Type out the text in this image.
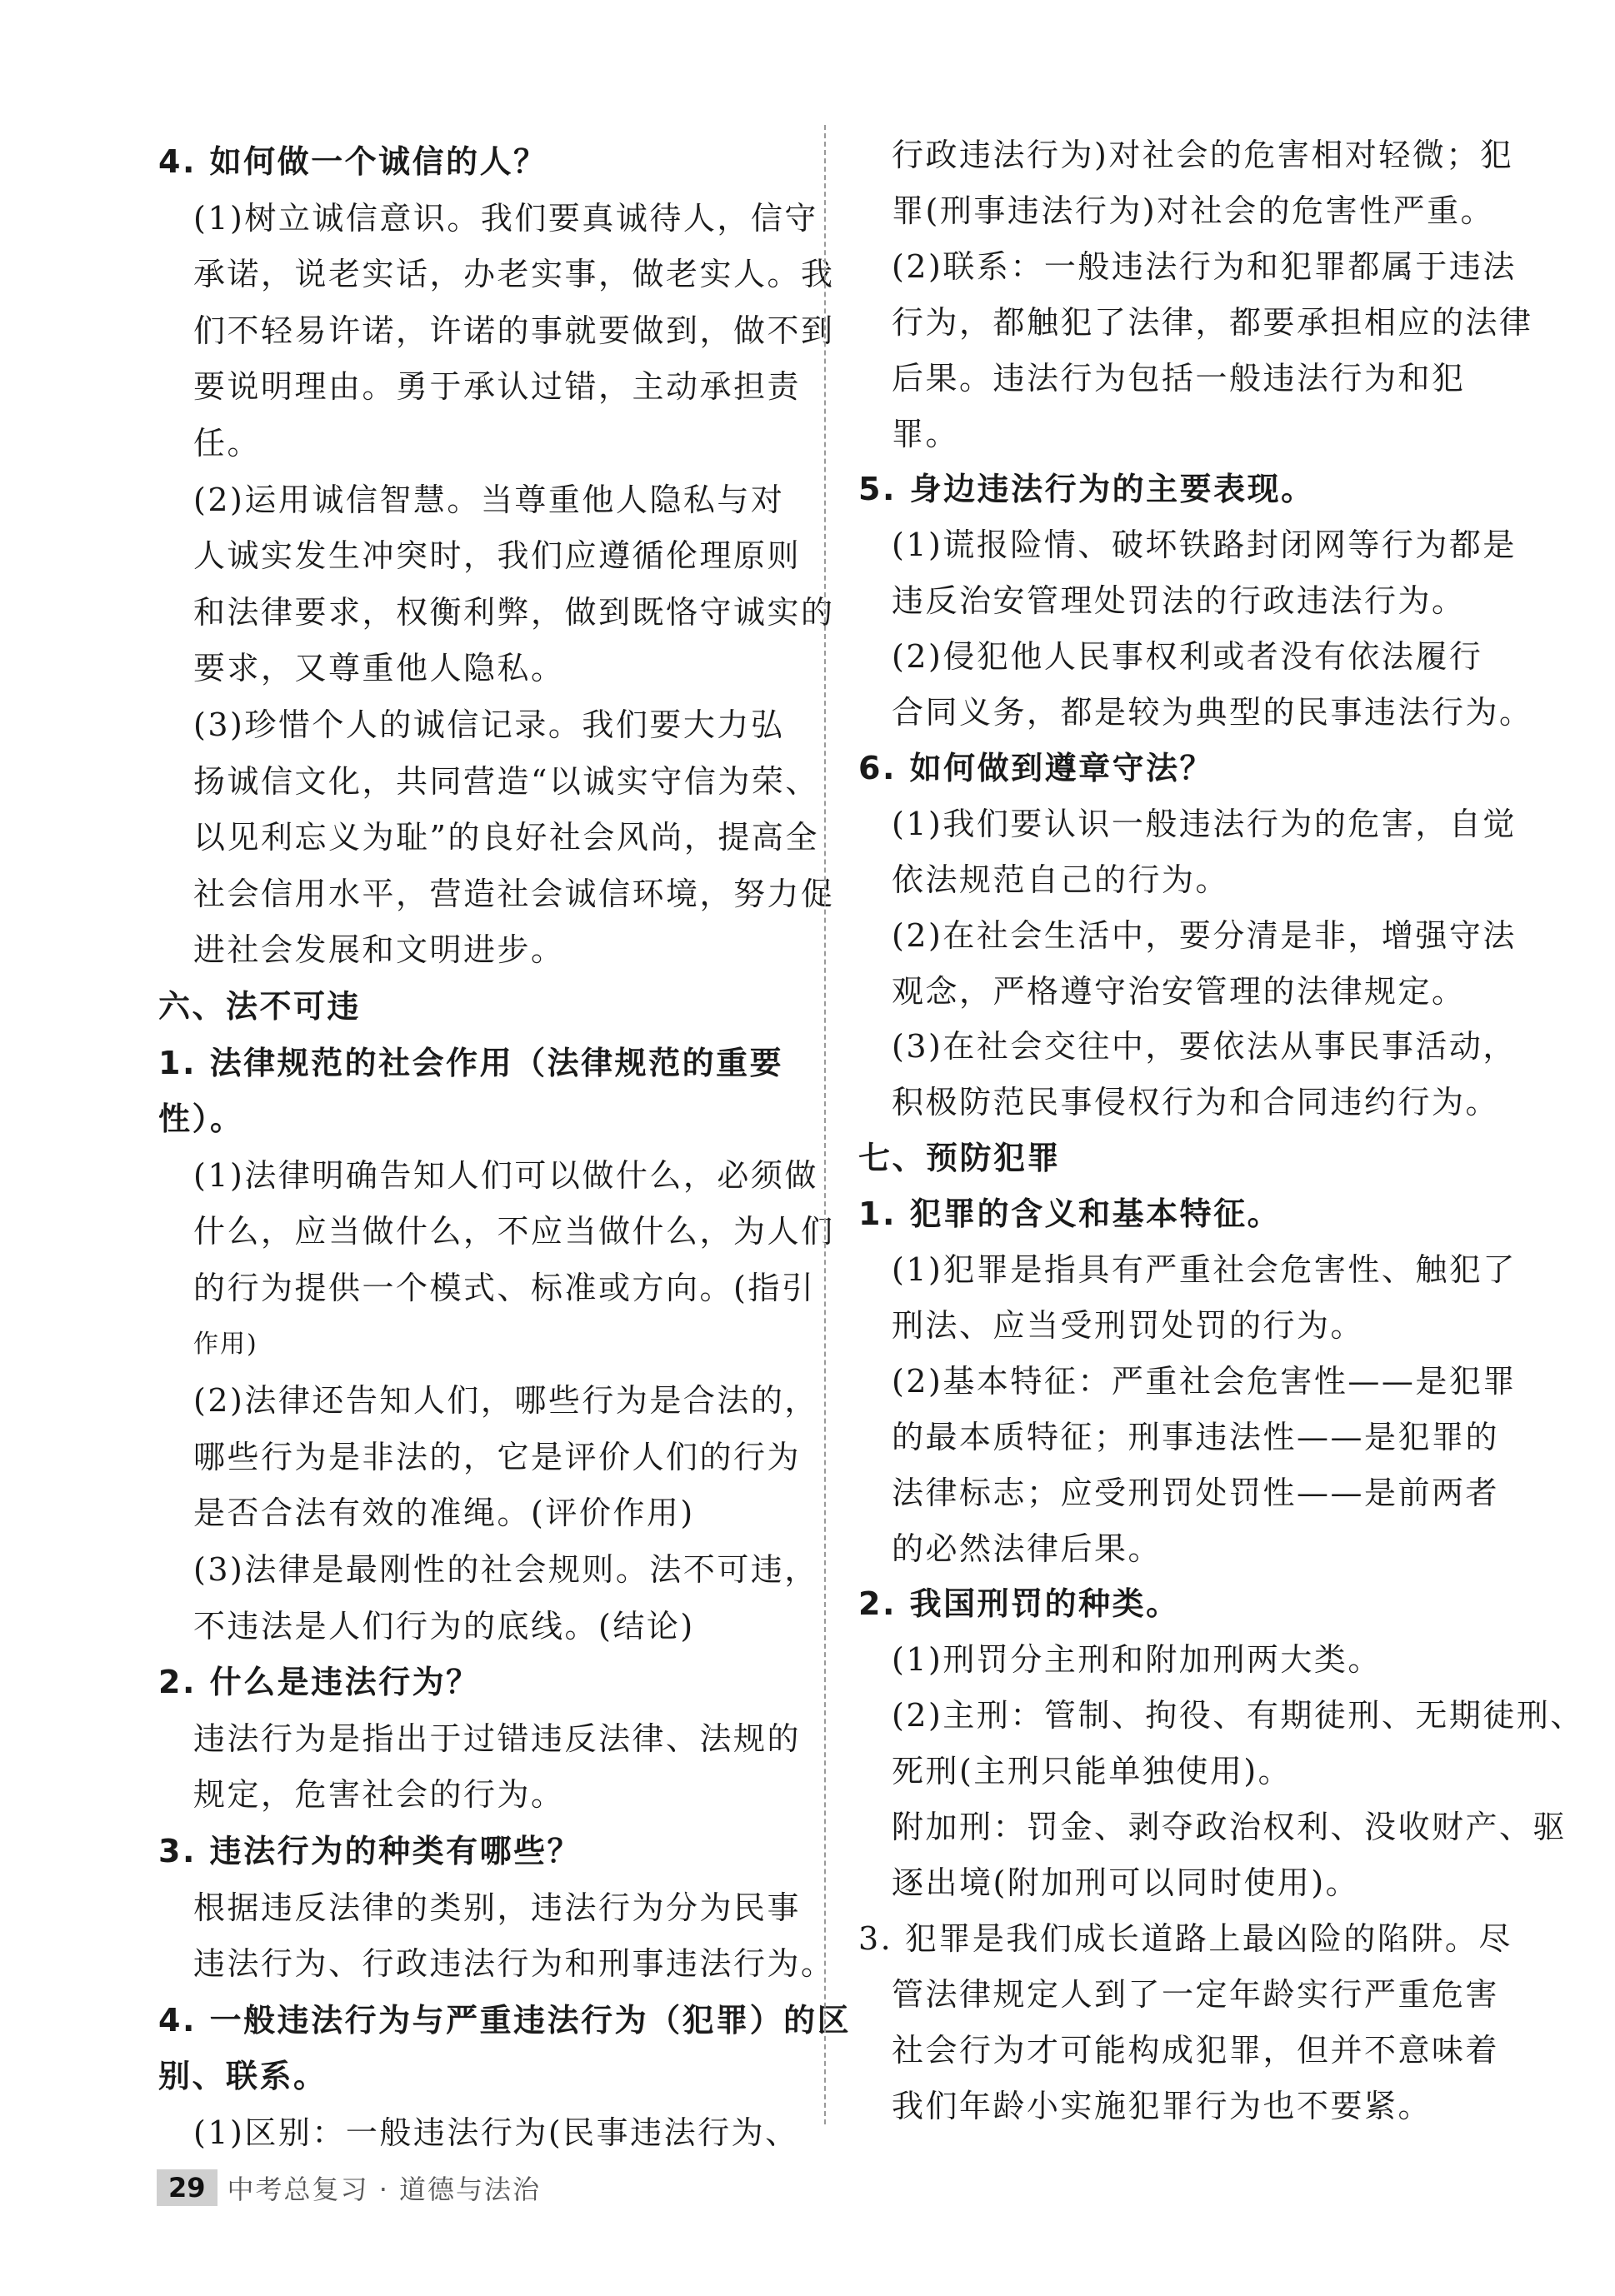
4. 如何做一个诚信的人？
(1)树立诚信意识。我们要真诚待人，信守
承诺，说老实话，办老实事，做老实人。我
们不轻易许诺，许诺的事就要做到，做不到
要说明理由。勇于承认过错，主动承担责
任。
(2)运用诚信智慧。当尊重他人隐私与对
人诚实发生冲突时，我们应遵循伦理原则
和法律要求，权衡利弊，做到既恪守诚实的
要求，又尊重他人隐私。
(3)珍惜个人的诚信记录。我们要大力弘
扬诚信文化，共同营造“以诚实守信为荣、
以见利忘义为耻”的良好社会风尚，提高全
社会信用水平，营造社会诚信环境，努力促
进社会发展和文明进步。
六、法不可违
1. 法律规范的社会作用（法律规范的重要
性）。
(1)法律明确告知人们可以做什么，必须做
什么，应当做什么，不应当做什么，为人们
的行为提供一个模式、标准或方向。(指引
作用)
(2)法律还告知人们，哪些行为是合法的，
哪些行为是非法的，它是评价人们的行为
是否合法有效的准绳。(评价作用)
(3)法律是最刚性的社会规则。法不可违，
不违法是人们行为的底线。(结论)
2. 什么是违法行为？
违法行为是指出于过错违反法律、法规的
规定，危害社会的行为。
3. 违法行为的种类有哪些？
根据违反法律的类别，违法行为分为民事
违法行为、行政违法行为和刑事违法行为。
4. 一般违法行为与严重违法行为（犯罪）的区
别、联系。
(1)区别：一般违法行为(民事违法行为、
行政违法行为)对社会的危害相对轻微；犯
罪(刑事违法行为)对社会的危害性严重。
(2)联系：一般违法行为和犯罪都属于违法
行为，都触犯了法律，都要承担相应的法律
后果。违法行为包括一般违法行为和犯
罪。
5. 身边违法行为的主要表现。
(1)谎报险情、破坏铁路封闭网等行为都是
违反治安管理处罚法的行政违法行为。
(2)侵犯他人民事权利或者没有依法履行
合同义务，都是较为典型的民事违法行为。
6. 如何做到遵章守法？
(1)我们要认识一般违法行为的危害，自觉
依法规范自己的行为。
(2)在社会生活中，要分清是非，增强守法
观念，严格遵守治安管理的法律规定。
(3)在社会交往中，要依法从事民事活动，
积极防范民事侵权行为和合同违约行为。
七、预防犯罪
1. 犯罪的含义和基本特征。
(1)犯罪是指具有严重社会危害性、触犯了
刑法、应当受刑罚处罚的行为。
(2)基本特征：严重社会危害性——是犯罪
的最本质特征；刑事违法性——是犯罪的
法律标志；应受刑罚处罚性——是前两者
的必然法律后果。
2. 我国刑罚的种类。
(1)刑罚分主刑和附加刑两大类。
(2)主刑：管制、拘役、有期徒刑、无期徒刑、
死刑(主刑只能单独使用)。
附加刑：罚金、剥夺政治权利、没收财产、驱
逐出境(附加刑可以同时使用)。
3. 犯罪是我们成长道路上最凶险的陷阱。尽
管法律规定人到了一定年龄实行严重危害
社会行为才可能构成犯罪，但并不意味着
我们年龄小实施犯罪行为也不要紧。
29 中考总复习 · 道德与法治
